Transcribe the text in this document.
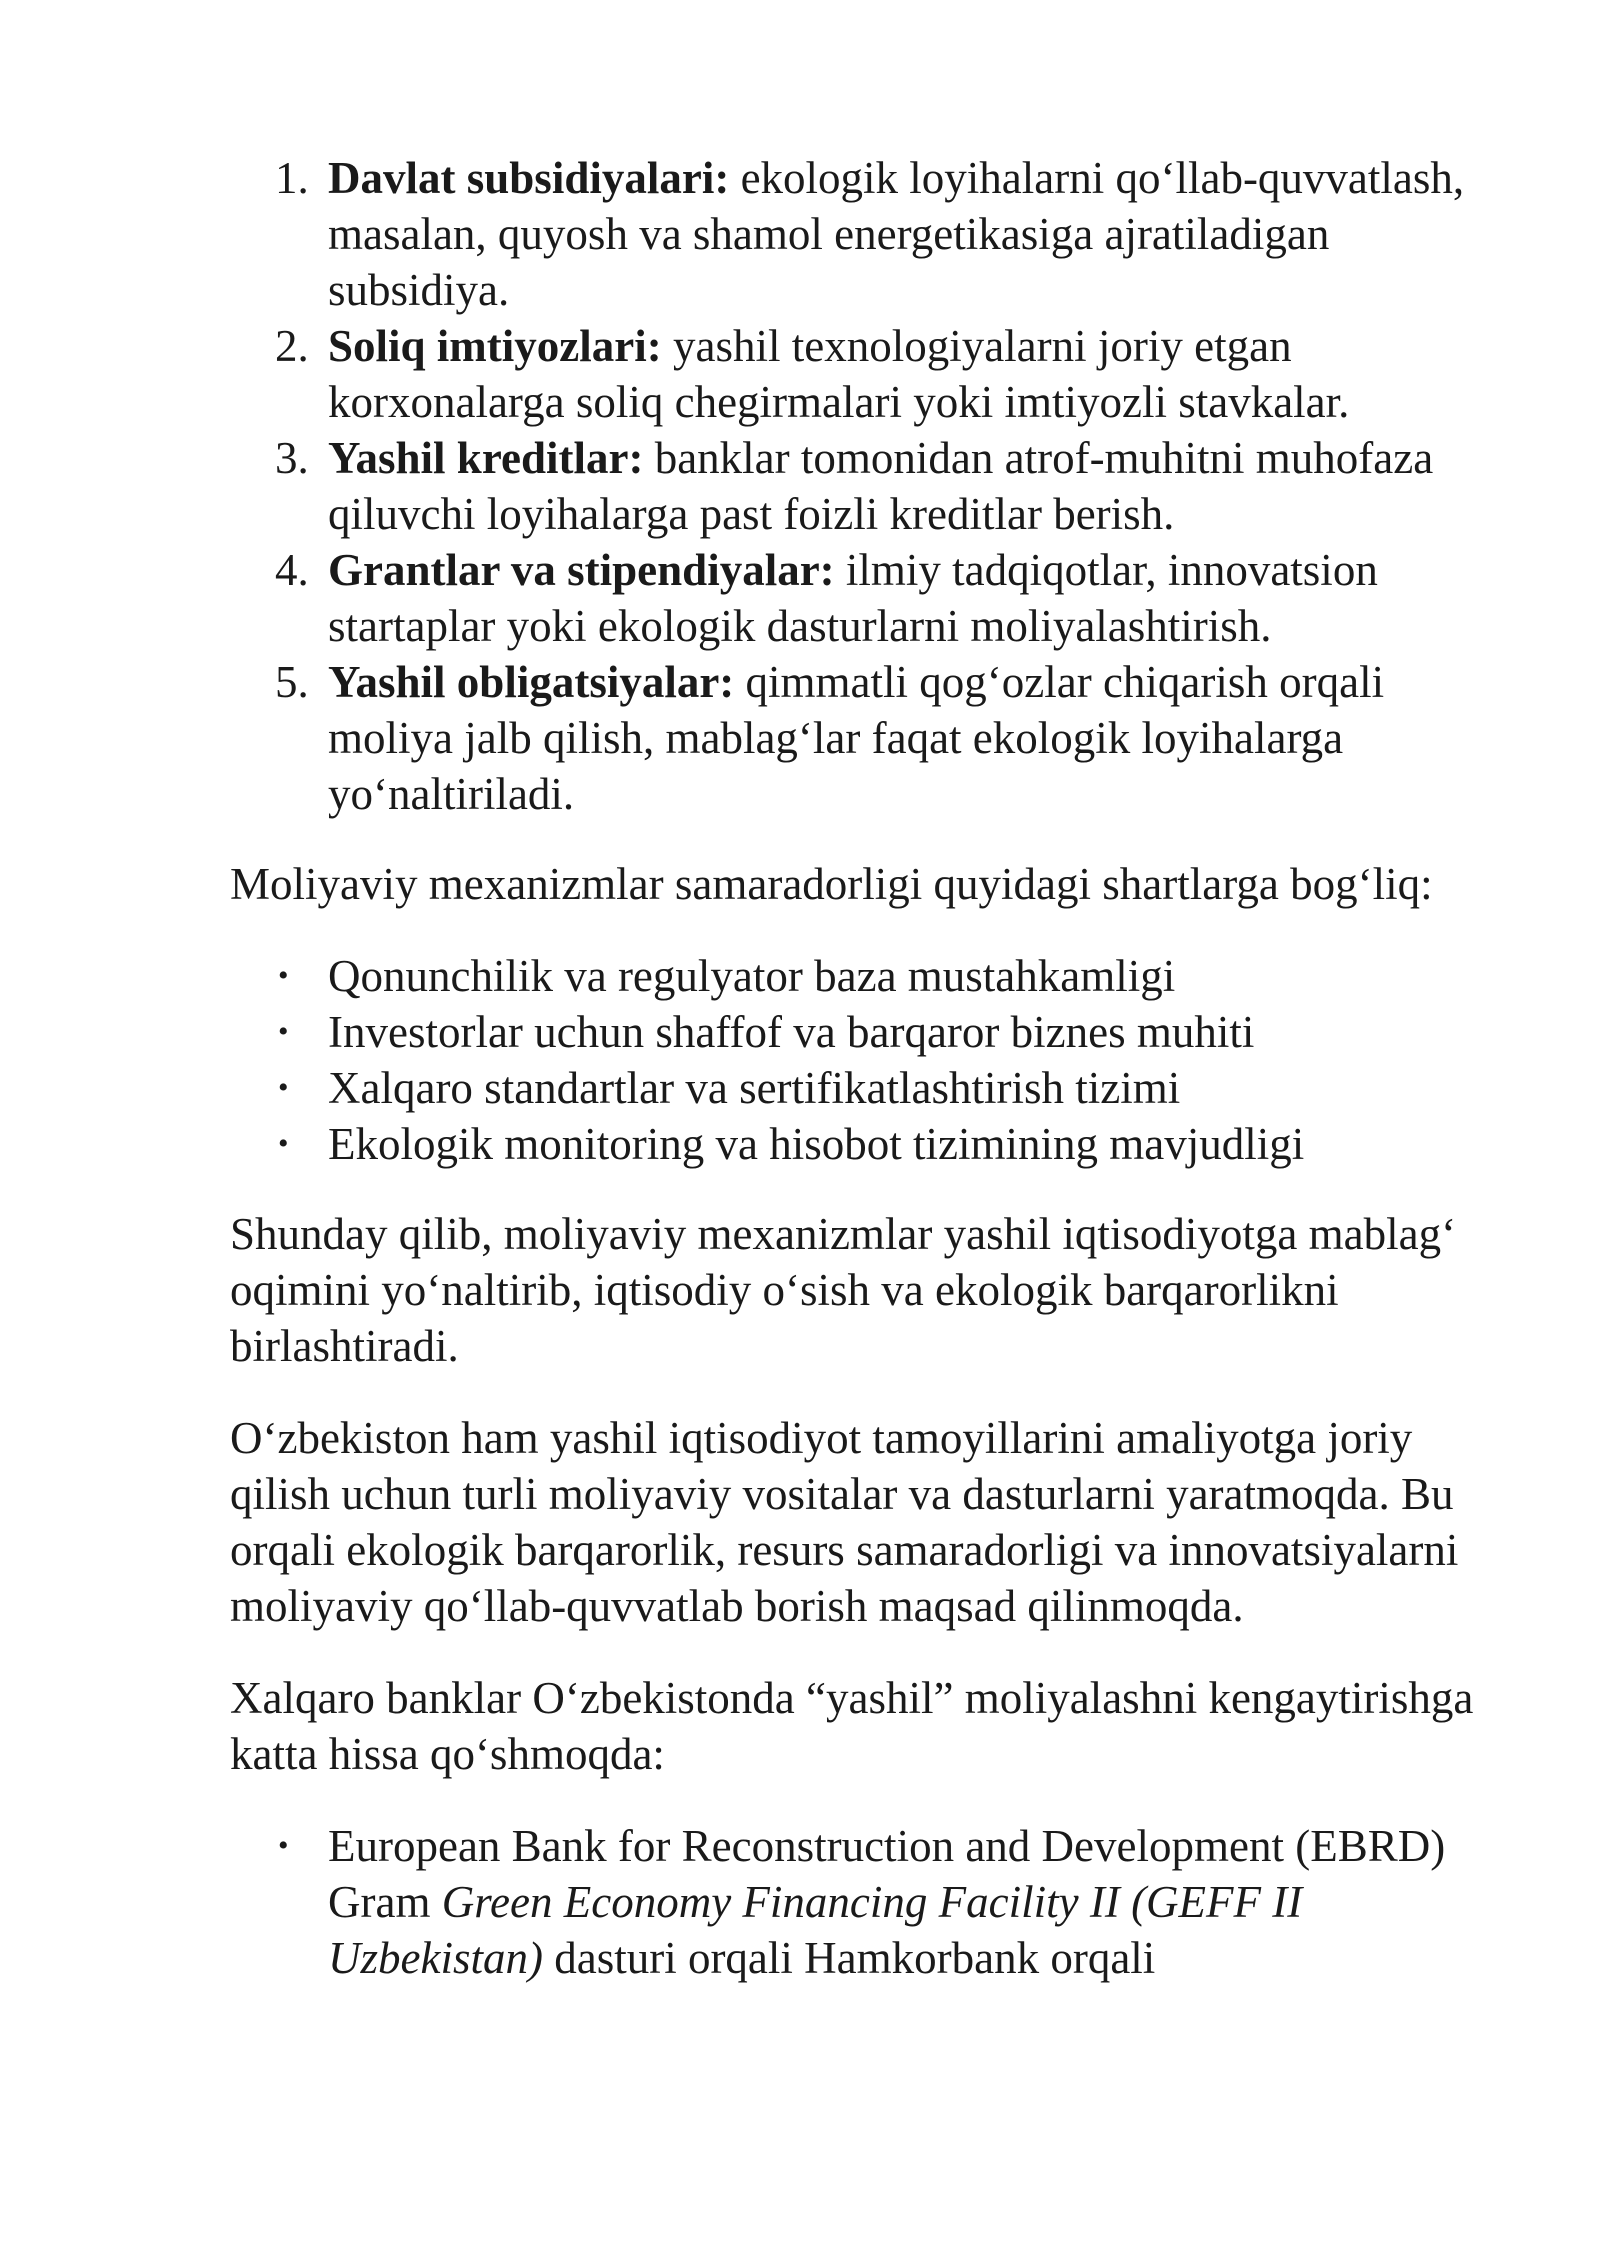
1. Davlat subsidiyalari: ekologik loyihalarni qo‘llab-quvvatlash, masalan, quyosh va shamol energetikasiga ajratiladigan subsidiya.
2. Soliq imtiyozlari: yashil texnologiyalarni joriy etgan korxonalarga soliq chegirmalari yoki imtiyozli stavkalar.
3. Yashil kreditlar: banklar tomonidan atrof-muhitni muhofaza qiluvchi loyihalarga past foizli kreditlar berish.
4. Grantlar va stipendiyalar: ilmiy tadqiqotlar, innovatsion startaplar yoki ekologik dasturlarni moliyalashtirish.
5. Yashil obligatsiyalar: qimmatli qog‘ozlar chiqarish orqali moliya jalb qilish, mablag‘lar faqat ekologik loyihalarga yo‘naltiriladi.

Moliyaviy mexanizmlar samaradorligi quyidagi shartlarga bog‘liq:

• Qonunchilik va regulyator baza mustahkamligi
• Investorlar uchun shaffof va barqaror biznes muhiti
• Xalqaro standartlar va sertifikatlashtirish tizimi
• Ekologik monitoring va hisobot tizimining mavjudligi

Shunday qilib, moliyaviy mexanizmlar yashil iqtisodiyotga mablag‘ oqimini yo‘naltirib, iqtisodiy o‘sish va ekologik barqarorlikni birlashtiradi.

O‘zbekiston ham yashil iqtisodiyot tamoyillarini amaliyotga joriy qilish uchun turli moliyaviy vositalar va dasturlarni yaratmoqda. Bu orqali ekologik barqarorlik, resurs samaradorligi va innovatsiyalarni moliyaviy qo‘llab-quvvatlab borish maqsad qilinmoqda.

Xalqaro banklar O‘zbekistonda “yashil” moliyalashni kengaytirishga katta hissa qo‘shmoqda:

• European Bank for Reconstruction and Development (EBRD) Gram Green Economy Financing Facility II (GEFF II Uzbekistan) dasturi orqali Hamkorbank orqali
